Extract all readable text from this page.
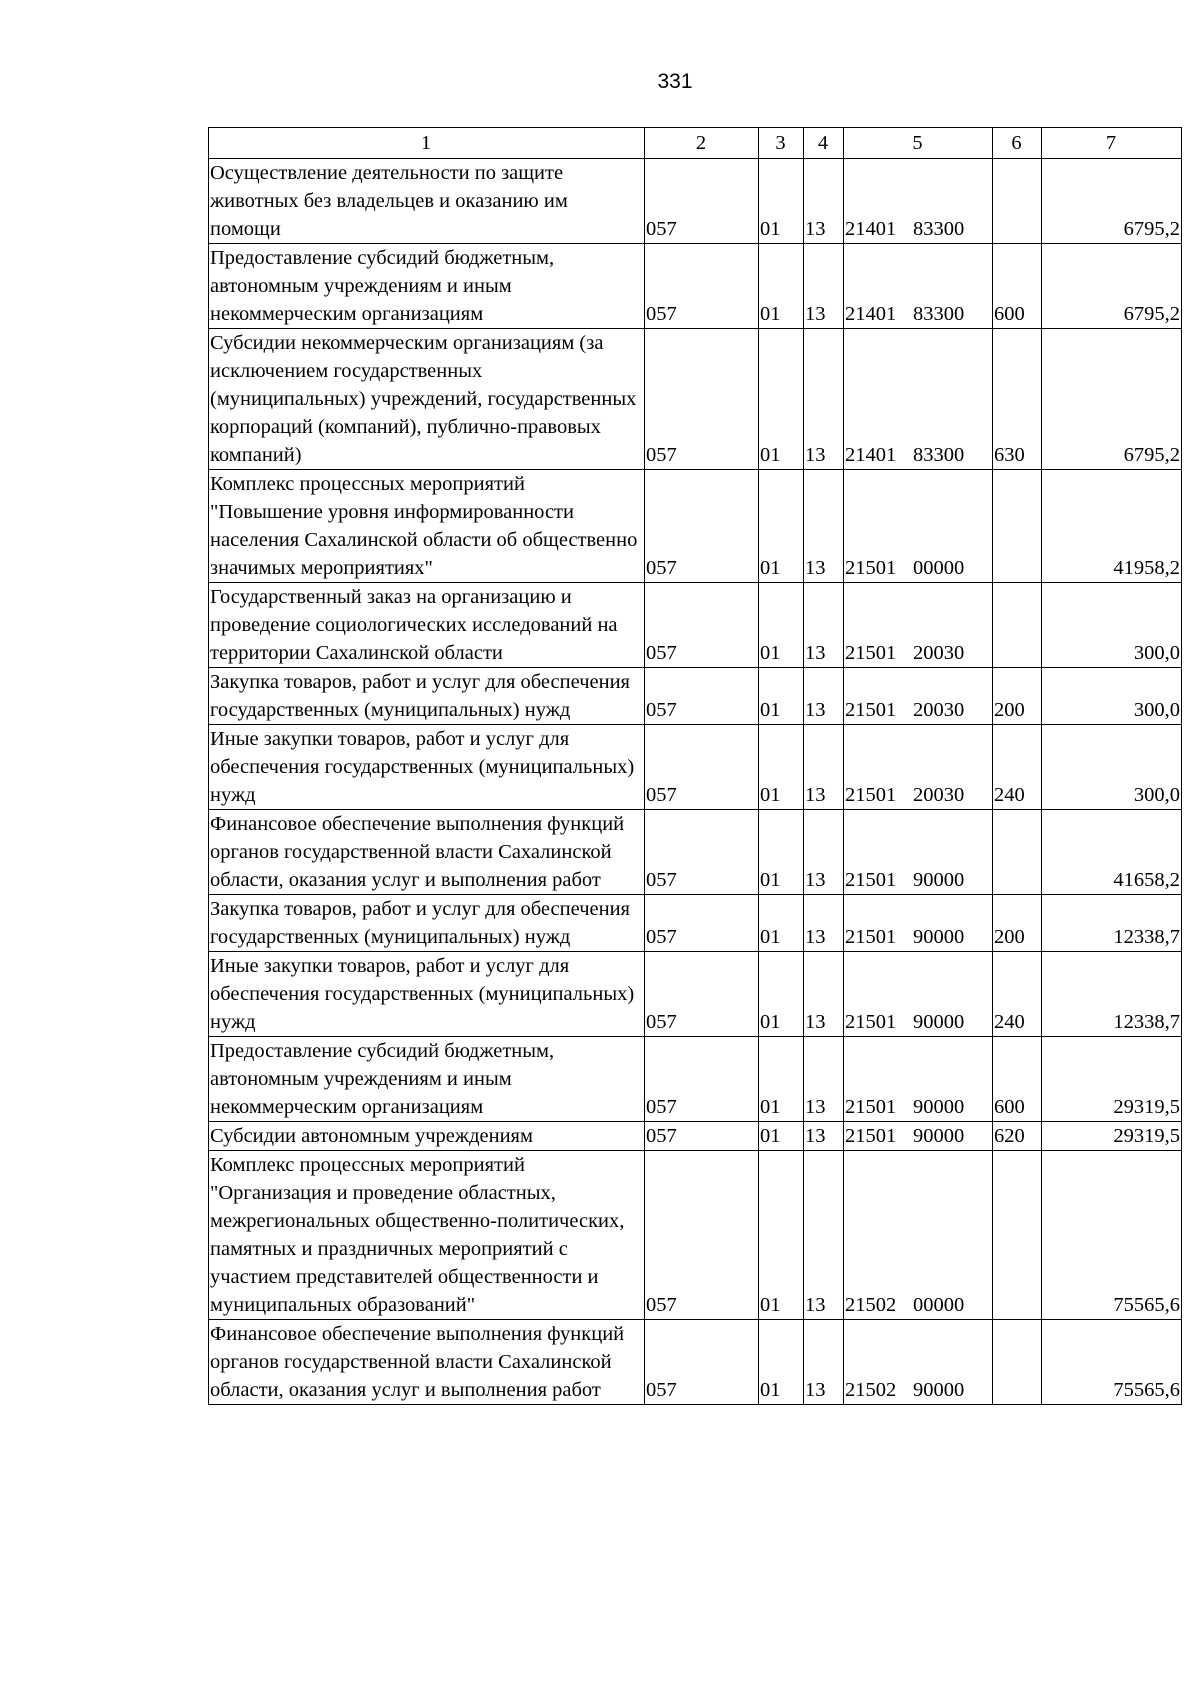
331
1	2	3	4	5	6	7
Осуществление деятельности по защите животных без владельцев и оказанию им помощи	057	01	13	21401 83300		6795,2
Предоставление субсидий бюджетным, автономным учреждениям и иным некоммерческим организациям	057	01	13	21401 83300	600	6795,2
Субсидии некоммерческим организациям (за исключением государственных (муниципальных) учреждений, государственных корпораций (компаний), публично-правовых компаний)	057	01	13	21401 83300	630	6795,2
Комплекс процессных мероприятий "Повышение уровня информированности населения Сахалинской области об общественно значимых мероприятиях"	057	01	13	21501 00000		41958,2
Государственный заказ на организацию и проведение социологических исследований на территории Сахалинской области	057	01	13	21501 20030		300,0
Закупка товаров, работ и услуг для обеспечения государственных (муниципальных) нужд	057	01	13	21501 20030	200	300,0
Иные закупки товаров, работ и услуг для обеспечения государственных (муниципальных) нужд	057	01	13	21501 20030	240	300,0
Финансовое обеспечение выполнения функций органов государственной власти Сахалинской области, оказания услуг и выполнения работ	057	01	13	21501 90000		41658,2
Закупка товаров, работ и услуг для обеспечения государственных (муниципальных) нужд	057	01	13	21501 90000	200	12338,7
Иные закупки товаров, работ и услуг для обеспечения государственных (муниципальных) нужд	057	01	13	21501 90000	240	12338,7
Предоставление субсидий бюджетным, автономным учреждениям и иным некоммерческим организациям	057	01	13	21501 90000	600	29319,5
Субсидии автономным учреждениям	057	01	13	21501 90000	620	29319,5
Комплекс процессных мероприятий "Организация и проведение областных, межрегиональных общественно-политических, памятных и праздничных мероприятий с участием представителей общественности и муниципальных образований"	057	01	13	21502 00000		75565,6
Финансовое обеспечение выполнения функций органов государственной власти Сахалинской области, оказания услуг и выполнения работ	057	01	13	21502 90000		75565,6
